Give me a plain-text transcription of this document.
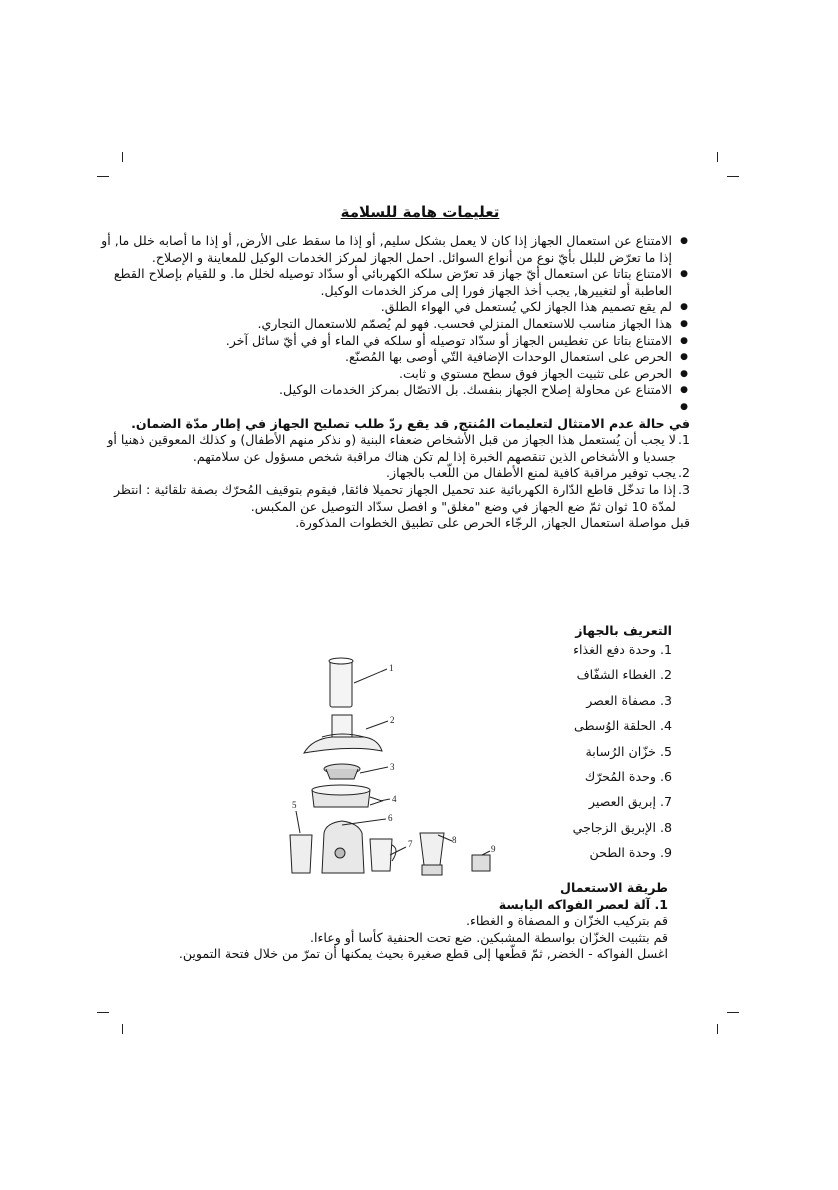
تعليمات هامة للسلامة
● الامتناع عن استعمال الجهاز إذا كان لا يعمل بشكل سليم, أو إذا ما سقط على الأرض, أو إذا ما أصابه خلل ما, أو إذا ما تعرّض للبلل بأيّ نوع من أنواع السوائل. احمل الجهاز لمركز الخدمات الوكيل للمعاينة و الإصلاح.
● الامتناع بتاتا عن استعمال أيّ جهاز قد تعرّض سلكه الكهربائي أو سدّاد توصيله لخلل ما. و للقيام بإصلاح القطع العاطبة أو لتغييرها, يجب أخذ الجهاز فورا إلى مركز الخدمات الوكيل.
● لم يقع تصميم هذا الجهاز لكي يُستعمل في الهواء الطلق.
● هذا الجهاز مناسب للاستعمال المنزلي فحسب. فهو لم يُصمّم للاستعمال التجاري.
● الامتناع بتاتا عن تغطيس الجهاز أو سدّاد توصيله أو سلكه في الماء أو في أيّ سائل آخر.
● الحرص على استعمال الوحدات الإضافية التّي أوصى بها المُصنّع.
● الحرص على تثبيت الجهاز فوق سطح مستوي و ثابت.
● الامتناع عن محاولة إصلاح الجهاز بنفسك. بل الاتصّال بمركز الخدمات الوكيل.
●
في حالة عدم الامتثال لتعليمات المُنتج, قد يقع ردّ طلب تصليح الجهاز في إطار مدّة الضمان.
1.
لا يجب أن يُستعمل هذا الجهاز من قبل الأشخاص ضعفاء البنية (و نذكر منهم الأطفال) و كذلك المعوقين ذهنيا أو جسديا و الأشخاص الذين تنقصهم الخبرة إذا لم تكن هناك مراقبة شخص مسؤول عن سلامتهم.
2.
يجب توفير مراقبة كافية لمنع الأطفال من اللّعب بالجهاز.
3.
إذا ما تدخّل قاطع الدّارة الكهربائية عند تحميل الجهاز تحميلا فائقا, فيقوم بتوقيف المُحرّك بصفة تلقائية : انتظر لمدّة 10 ثوان ثمّ ضع الجهاز في وضع "مغلق" و افصل سدّاد التوصيل عن المكبس.

قبل مواصلة استعمال الجهاز, الرجّاء الحرص على تطبيق الخطوات المذكورة.

1
2
3
4
5
6
7	8
9
التعريف بالجهاز
1. وحدة دفع الغذاء
2. الغطاء الشفّاف
3. مصفاة العصر
4. الحلقة الوُسطى
5. خزّان الرُسابة
6. وحدة المُحرّك
7. إبريق العصير
8. الإبريق الزجاجي
9. وحدة الطحن
طريقة الاستعمال
1. آلة لعصر الفواكه اليابسة
قم بتركيب الخزّان و المصفاة و الغطاء.
قم بتثبيت الخزّان بواسطة المشبكين. ضع تحت الحنفية كأسا أو وعاءا.
اغسل الفواكه - الخضر, ثمّ قطّعها إلى قطع صغيرة بحيث يمكنها أن تمرّ من خلال فتحة التموين.
